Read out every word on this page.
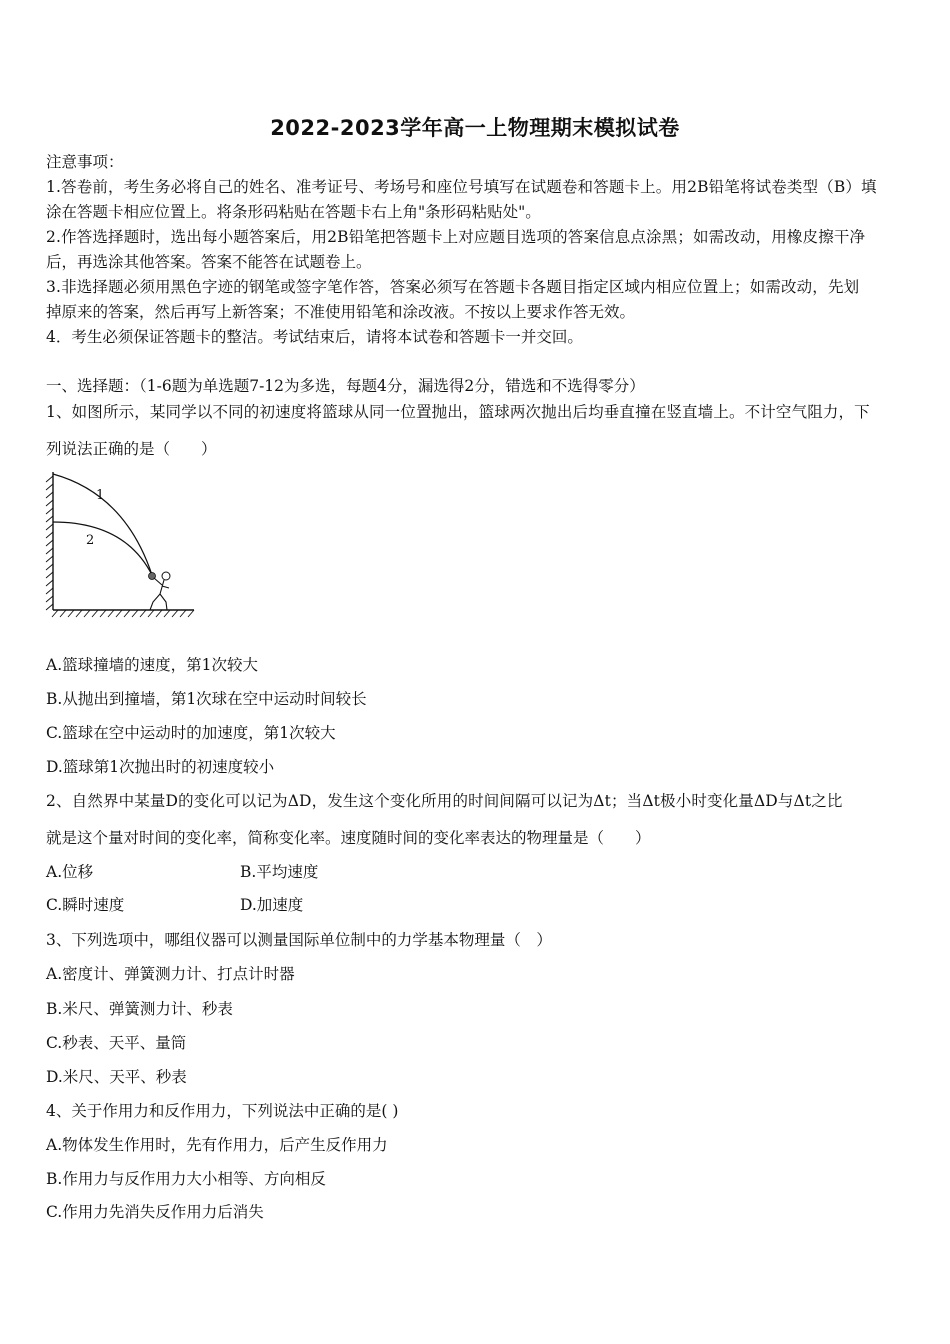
2022-2023学年高一上物理期末模拟试卷
注意事项：
1.答卷前，考生务必将自己的姓名、准考证号、考场号和座位号填写在试题卷和答题卡上。用2B铅笔将试卷类型（B）填
涂在答题卡相应位置上。将条形码粘贴在答题卡右上角"条形码粘贴处"。
2.作答选择题时，选出每小题答案后，用2B铅笔把答题卡上对应题目选项的答案信息点涂黑；如需改动，用橡皮擦干净
后，再选涂其他答案。答案不能答在试题卷上。
3.非选择题必须用黑色字迹的钢笔或签字笔作答，答案必须写在答题卡各题目指定区域内相应位置上；如需改动，先划
掉原来的答案，然后再写上新答案；不准使用铅笔和涂改液。不按以上要求作答无效。
4．考生必须保证答题卡的整洁。考试结束后，请将本试卷和答题卡一并交回。
一、选择题：（1-6题为单选题7-12为多选，每题4分，漏选得2分，错选和不选得零分）
1、如图所示，某同学以不同的初速度将篮球从同一位置抛出，篮球两次抛出后均垂直撞在竖直墙上。不计空气阻力，下
列说法正确的是（　　）
1
2
A.篮球撞墙的速度，第1次较大
B.从抛出到撞墙，第1次球在空中运动时间较长
C.篮球在空中运动时的加速度，第1次较大
D.篮球第1次抛出时的初速度较小
2、自然界中某量D的变化可以记为ΔD，发生这个变化所用的时间间隔可以记为Δt；当Δt极小时变化量ΔD与Δt之比
就是这个量对时间的变化率，简称变化率。速度随时间的变化率表达的物理量是（　　）
A.位移	B.平均速度
C.瞬时速度	D.加速度
3、下列选项中，哪组仪器可以测量国际单位制中的力学基本物理量（　）
A.密度计、弹簧测力计、打点计时器
B.米尺、弹簧测力计、秒表
C.秒表、天平、量筒
D.米尺、天平、秒表
4、关于作用力和反作用力，下列说法中正确的是( )
A.物体发生作用时，先有作用力，后产生反作用力
B.作用力与反作用力大小相等、方向相反
C.作用力先消失反作用力后消失
